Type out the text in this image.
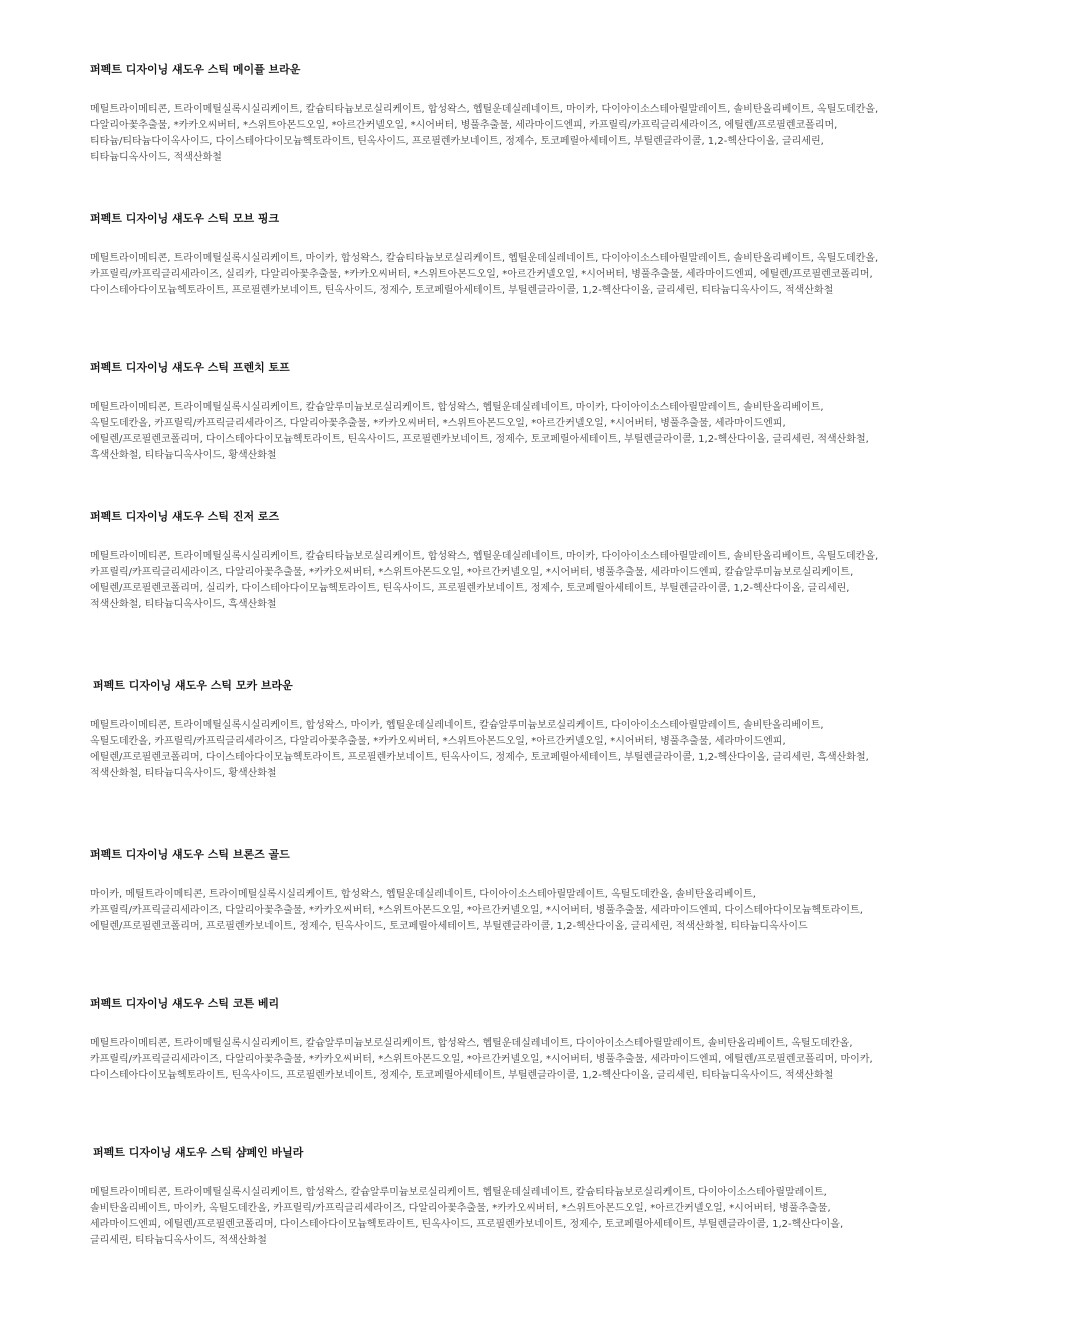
퍼펙트 디자이닝 섀도우 스틱 메이플 브라운

메틸트라이메티콘, 트라이메틸실록시실리케이트, 칼슘티타늄보로실리케이트, 합성왁스, 헵틸운데실레네이트, 마이카, 다이아이소스테아릴말레이트, 솔비탄올리베이트, 옥틸도데칸올,
다알리아꽃추출물, *카카오씨버터, *스위트아몬드오일, *아르간커넬오일, *시어버터, 병풀추출물, 세라마이드엔피, 카프릴릭/카프릭글리세라이즈, 에틸렌/프로필렌코폴리머,
티타늄/티타늄다이옥사이드, 다이스테아다이모늄헥토라이트, 틴옥사이드, 프로필렌카보네이트, 정제수, 토코페릴아세테이트, 부틸렌글라이콜, 1,2-헥산다이올, 글리세린,
티타늄디옥사이드, 적색산화철

퍼펙트 디자이닝 섀도우 스틱 모브 핑크

메틸트라이메티콘, 트라이메틸실록시실리케이트, 마이카, 합성왁스, 칼슘티타늄보로실리케이트, 헵틸운데실레네이트, 다이아이소스테아릴말레이트, 솔비탄올리베이트, 옥틸도데칸올,
카프릴릭/카프릭글리세라이즈, 실리카, 다알리아꽃추출물, *카카오씨버터, *스위트아몬드오일, *아르간커넬오일, *시어버터, 병풀추출물, 세라마이드엔피, 에틸렌/프로필렌코폴리머,
다이스테아다이모늄헥토라이트, 프로필렌카보네이트, 틴옥사이드, 정제수, 토코페릴아세테이트, 부틸렌글라이콜, 1,2-헥산다이올, 글리세린, 티타늄디옥사이드, 적색산화철

퍼펙트 디자이닝 섀도우 스틱 프렌치 토프

메틸트라이메티콘, 트라이메틸실록시실리케이트, 칼슘알루미늄보로실리케이트, 합성왁스, 헵틸운데실레네이트, 마이카, 다이아이소스테아릴말레이트, 솔비탄올리베이트,
옥틸도데칸올, 카프릴릭/카프릭글리세라이즈, 다알리아꽃추출물, *카카오씨버터, *스위트아몬드오일, *아르간커넬오일, *시어버터, 병풀추출물, 세라마이드엔피,
에틸렌/프로필렌코폴리머, 다이스테아다이모늄헥토라이트, 틴옥사이드, 프로필렌카보네이트, 정제수, 토코페릴아세테이트, 부틸렌글라이콜, 1,2-헥산다이올, 글리세린, 적색산화철,
흑색산화철, 티타늄디옥사이드, 황색산화철

퍼펙트 디자이닝 섀도우 스틱 진저 로즈

메틸트라이메티콘, 트라이메틸실록시실리케이트, 칼슘티타늄보로실리케이트, 합성왁스, 헵틸운데실레네이트, 마이카, 다이아이소스테아릴말레이트, 솔비탄올리베이트, 옥틸도데칸올,
카프릴릭/카프릭글리세라이즈, 다알리아꽃추출물, *카카오씨버터, *스위트아몬드오일, *아르간커넬오일, *시어버터, 병풀추출물, 세라마이드엔피, 칼슘알루미늄보로실리케이트,
에틸렌/프로필렌코폴리머, 실리카, 다이스테아다이모늄헥토라이트, 틴옥사이드, 프로필렌카보네이트, 정제수, 토코페릴아세테이트, 부틸렌글라이콜, 1,2-헥산다이올, 글리세린,
적색산화철, 티타늄디옥사이드, 흑색산화철

퍼펙트 디자이닝 섀도우 스틱 모카 브라운

메틸트라이메티콘, 트라이메틸실록시실리케이트, 합성왁스, 마이카, 헵틸운데실레네이트, 칼슘알루미늄보로실리케이트, 다이아이소스테아릴말레이트, 솔비탄올리베이트,
옥틸도데칸올, 카프릴릭/카프릭글리세라이즈, 다알리아꽃추출물, *카카오씨버터, *스위트아몬드오일, *아르간커넬오일, *시어버터, 병풀추출물, 세라마이드엔피,
에틸렌/프로필렌코폴리머, 다이스테아다이모늄헥토라이트, 프로필렌카보네이트, 틴옥사이드, 정제수, 토코페릴아세테이트, 부틸렌글라이콜, 1,2-헥산다이올, 글리세린, 흑색산화철,
적색산화철, 티타늄디옥사이드, 황색산화철

퍼펙트 디자이닝 섀도우 스틱 브론즈 골드

마이카, 메틸트라이메티콘, 트라이메틸실록시실리케이트, 합성왁스, 헵틸운데실레네이트, 다이아이소스테아릴말레이트, 옥틸도데칸올, 솔비탄올리베이트,
카프릴릭/카프릭글리세라이즈, 다알리아꽃추출물, *카카오씨버터, *스위트아몬드오일, *아르간커넬오일, *시어버터, 병풀추출물, 세라마이드엔피, 다이스테아다이모늄헥토라이트,
에틸렌/프로필렌코폴리머, 프로필렌카보네이트, 정제수, 틴옥사이드, 토코페릴아세테이트, 부틸렌글라이콜, 1,2-헥산다이올, 글리세린, 적색산화철, 티타늄디옥사이드

퍼펙트 디자이닝 섀도우 스틱 코튼 베리

메틸트라이메티콘, 트라이메틸실록시실리케이트, 칼슘알루미늄보로실리케이트, 합성왁스, 헵틸운데실레네이트, 다이아이소스테아릴말레이트, 솔비탄올리베이트, 옥틸도데칸올,
카프릴릭/카프릭글리세라이즈, 다알리아꽃추출물, *카카오씨버터, *스위트아몬드오일, *아르간커넬오일, *시어버터, 병풀추출물, 세라마이드엔피, 에틸렌/프로필렌코폴리머, 마이카,
다이스테아다이모늄헥토라이트, 틴옥사이드, 프로필렌카보네이트, 정제수, 토코페릴아세테이트, 부틸렌글라이콜, 1,2-헥산다이올, 글리세린, 티타늄디옥사이드, 적색산화철

퍼펙트 디자이닝 섀도우 스틱 샴페인 바닐라

메틸트라이메티콘, 트라이메틸실록시실리케이트, 합성왁스, 칼슘알루미늄보로실리케이트, 헵틸운데실레네이트, 칼슘티타늄보로실리케이트, 다이아이소스테아릴말레이트,
솔비탄올리베이트, 마이카, 옥틸도데칸올, 카프릴릭/카프릭글리세라이즈, 다알리아꽃추출물, *카카오씨버터, *스위트아몬드오일, *아르간커넬오일, *시어버터, 병풀추출물,
세라마이드엔피, 에틸렌/프로필렌코폴리머, 다이스테아다이모늄헥토라이트, 틴옥사이드, 프로필렌카보네이트, 정제수, 토코페릴아세테이트, 부틸렌글라이콜, 1,2-헥산다이올,
글리세린, 티타늄디옥사이드, 적색산화철
